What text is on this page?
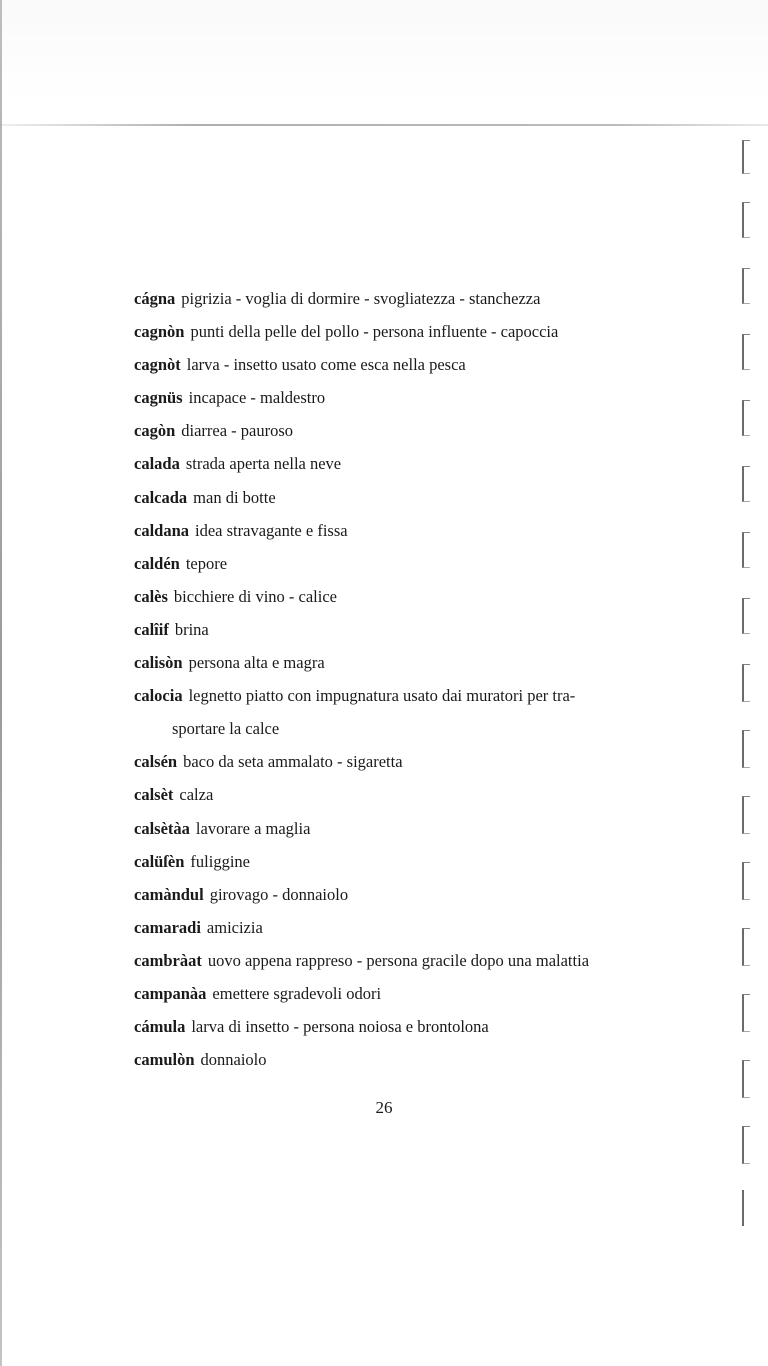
cágna pigrizia - voglia di dormire - svogliatezza - stanchezza
cagnòn punti della pelle del pollo - persona influente - capoccia
cagnòt larva - insetto usato come esca nella pesca
cagnüs incapace - maldestro
cagòn diarrea - pauroso
calada strada aperta nella neve
calcada man di botte
caldana idea stravagante e fissa
caldén tepore
calès bicchiere di vino - calice
calîif brina
calisòn persona alta e magra
calocia legnetto piatto con impugnatura usato dai muratori per tra-
sportare la calce
calsén baco da seta ammalato - sigaretta
calsèt calza
calsètàa lavorare a maglia
calüſèn fuliggine
camàndul girovago - donnaiolo
camaradi amicizia
cambràat uovo appena rappreso - persona gracile dopo una malattia
campanàa emettere sgradevoli odori
cámula larva di insetto - persona noiosa e brontolona
camulòn donnaiolo
26
